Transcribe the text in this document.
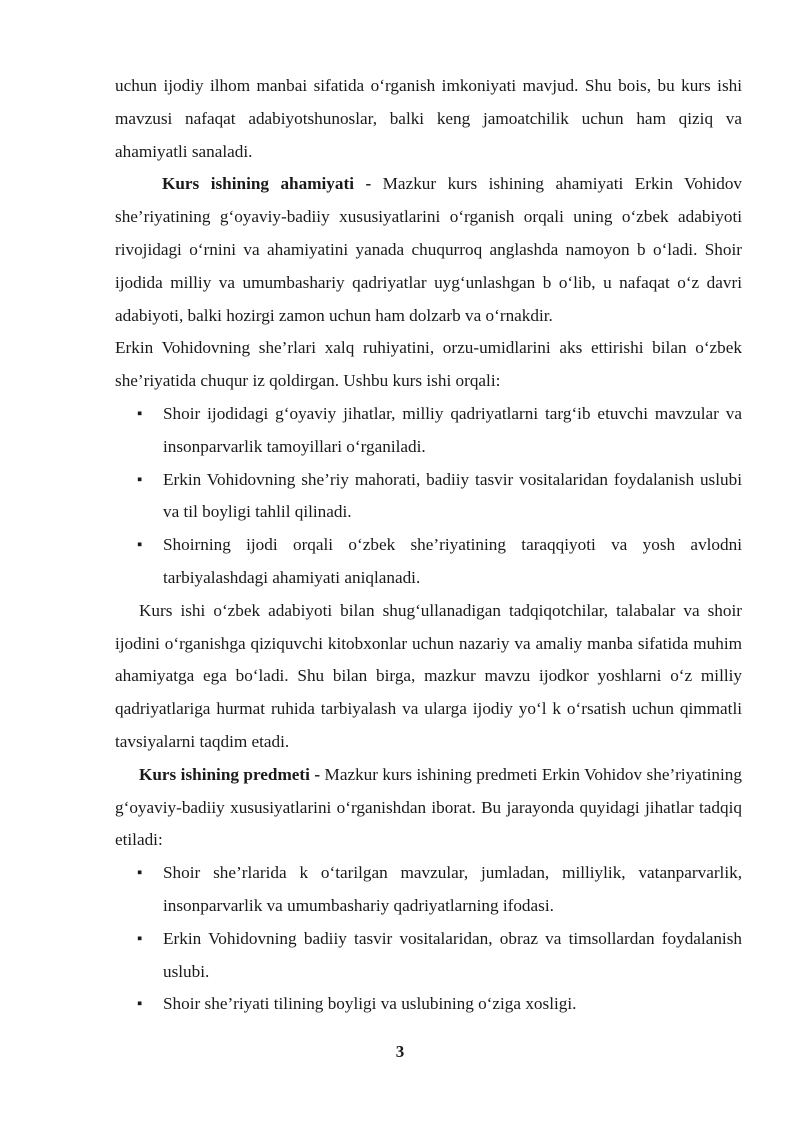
uchun ijodiy ilhom manbai sifatida o‘rganish imkoniyati mavjud. Shu bois, bu kurs ishi mavzusi nafaqat adabiyotshunoslar, balki keng jamoatchilik uchun ham qiziq va ahamiyatli sanaladi.

Kurs ishining ahamiyati - Mazkur kurs ishining ahamiyati Erkin Vohidov she’riyatining g‘oyaviy-badiiy xususiyatlarini o‘rganish orqali uning o‘zbek adabiyoti rivojidagi o‘rnini va ahamiyatini yanada chuqurroq anglashda namoyon b o‘ladi. Shoir ijodida milliy va umumbashariy qadriyatlar uyg‘unlashgan b o‘lib, u nafaqat o‘z davri adabiyoti, balki hozirgi zamon uchun ham dolzarb va o‘rnakdir.

Erkin Vohidovning she’rlari xalq ruhiyatini, orzu-umidlarini aks ettirishi bilan o‘zbek she’riyatida chuqur iz qoldirgan. Ushbu kurs ishi orqali:

▪ Shoir ijodidagi g‘oyaviy jihatlar, milliy qadriyatlarni targ‘ib etuvchi mavzular va insonparvarlik tamoyillari o‘rganiladi.
▪ Erkin Vohidovning she’riy mahorati, badiiy tasvir vositalaridan foydalanish uslubi va til boyligi tahlil qilinadi.
▪ Shoirning ijodi orqali o‘zbek she’riyatining taraqqiyoti va yosh avlodni tarbiyalashdagi ahamiyati aniqlanadi.

Kurs ishi o‘zbek adabiyoti bilan shug‘ullanadigan tadqiqotchilar, talabalar va shoir ijodini o‘rganishga qiziquvchi kitobxonlar uchun nazariy va amaliy manba sifatida muhim ahamiyatga ega bo‘ladi. Shu bilan birga, mazkur mavzu ijodkor yoshlarni o‘z milliy qadriyatlariga hurmat ruhida tarbiyalash va ularga ijodiy yo‘l k o‘rsatish uchun qimmatli tavsiyalarni taqdim etadi.

Kurs ishining predmeti - Mazkur kurs ishining predmeti Erkin Vohidov she’riyatining g‘oyaviy-badiiy xususiyatlarini o‘rganishdan iborat. Bu jarayonda quyidagi jihatlar tadqiq etiladi:

▪ Shoir she’rlarida k o‘tarilgan mavzular, jumladan, milliylik, vatanparvarlik, insonparvarlik va umumbashariy qadriyatlarning ifodasi.
▪ Erkin Vohidovning badiiy tasvir vositalaridan, obraz va timsollardan foydalanish uslubi.
▪ Shoir she’riyati tilining boyligi va uslubining o‘ziga xosligi.
3
